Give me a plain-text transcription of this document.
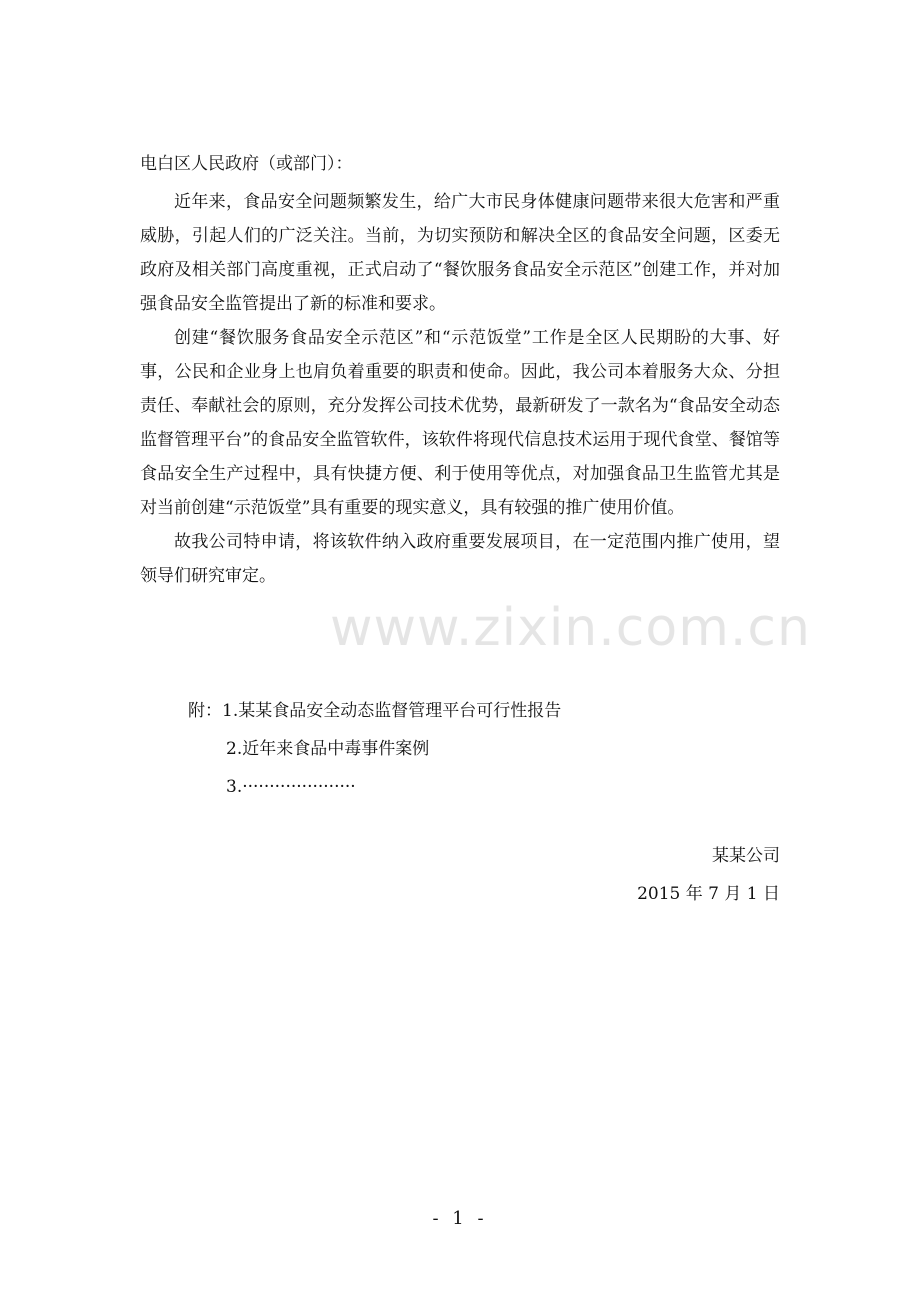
电白区人民政府（或部门）：

近年来，食品安全问题频繁发生，给广大市民身体健康问题带来很大危害和严重威胁，引起人们的广泛关注。当前，为切实预防和解决全区的食品安全问题，区委无政府及相关部门高度重视，正式启动了“餐饮服务食品安全示范区”创建工作，并对加强食品安全监管提出了新的标准和要求。

创建“餐饮服务食品安全示范区”和“示范饭堂”工作是全区人民期盼的大事、好事，公民和企业身上也肩负着重要的职责和使命。因此，我公司本着服务大众、分担责任、奉献社会的原则，充分发挥公司技术优势，最新研发了一款名为“食品安全动态监督管理平台”的食品安全监管软件，该软件将现代信息技术运用于现代食堂、餐馆等食品安全生产过程中，具有快捷方便、利于使用等优点，对加强食品卫生监管尤其是对当前创建“示范饭堂”具有重要的现实意义，具有较强的推广使用价值。

故我公司特申请，将该软件纳入政府重要发展项目，在一定范围内推广使用，望领导们研究审定。

www.zixin.com.cn
附：1.某某食品安全动态监督管理平台可行性报告
2.近年来食品中毒事件案例
3.·····················
某某公司
2015 年 7 月 1 日
- 1 -
